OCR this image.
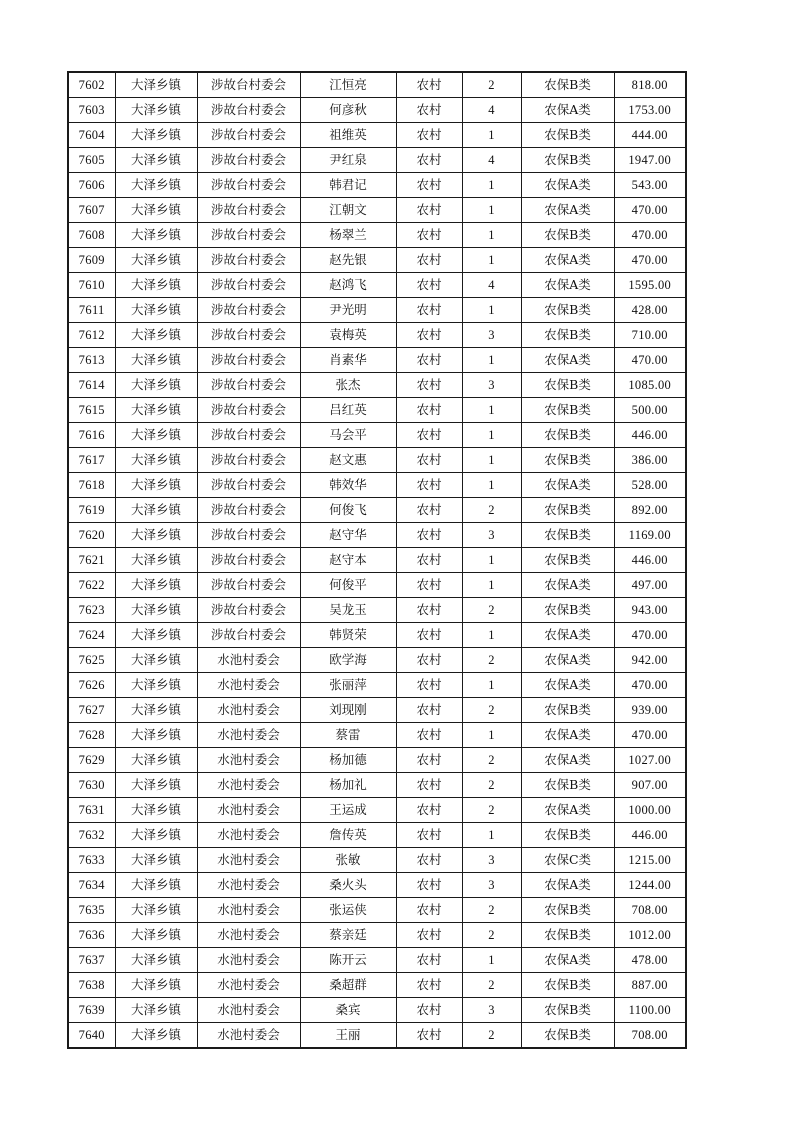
7602	大泽乡镇	涉故台村委会	江恒亮	农村	2	农保B类	818.00
7603	大泽乡镇	涉故台村委会	何彦秋	农村	4	农保A类	1753.00
7604	大泽乡镇	涉故台村委会	祖维英	农村	1	农保B类	444.00
7605	大泽乡镇	涉故台村委会	尹红泉	农村	4	农保B类	1947.00
7606	大泽乡镇	涉故台村委会	韩君记	农村	1	农保A类	543.00
7607	大泽乡镇	涉故台村委会	江朝文	农村	1	农保A类	470.00
7608	大泽乡镇	涉故台村委会	杨翠兰	农村	1	农保B类	470.00
7609	大泽乡镇	涉故台村委会	赵先银	农村	1	农保A类	470.00
7610	大泽乡镇	涉故台村委会	赵鸿飞	农村	4	农保A类	1595.00
7611	大泽乡镇	涉故台村委会	尹光明	农村	1	农保B类	428.00
7612	大泽乡镇	涉故台村委会	袁梅英	农村	3	农保B类	710.00
7613	大泽乡镇	涉故台村委会	肖素华	农村	1	农保A类	470.00
7614	大泽乡镇	涉故台村委会	张杰	农村	3	农保B类	1085.00
7615	大泽乡镇	涉故台村委会	吕红英	农村	1	农保B类	500.00
7616	大泽乡镇	涉故台村委会	马会平	农村	1	农保B类	446.00
7617	大泽乡镇	涉故台村委会	赵文惠	农村	1	农保B类	386.00
7618	大泽乡镇	涉故台村委会	韩效华	农村	1	农保A类	528.00
7619	大泽乡镇	涉故台村委会	何俊飞	农村	2	农保B类	892.00
7620	大泽乡镇	涉故台村委会	赵守华	农村	3	农保B类	1169.00
7621	大泽乡镇	涉故台村委会	赵守本	农村	1	农保B类	446.00
7622	大泽乡镇	涉故台村委会	何俊平	农村	1	农保A类	497.00
7623	大泽乡镇	涉故台村委会	吴龙玉	农村	2	农保B类	943.00
7624	大泽乡镇	涉故台村委会	韩贤荣	农村	1	农保A类	470.00
7625	大泽乡镇	水池村委会	欧学海	农村	2	农保A类	942.00
7626	大泽乡镇	水池村委会	张丽萍	农村	1	农保A类	470.00
7627	大泽乡镇	水池村委会	刘现刚	农村	2	农保B类	939.00
7628	大泽乡镇	水池村委会	蔡雷	农村	1	农保A类	470.00
7629	大泽乡镇	水池村委会	杨加德	农村	2	农保A类	1027.00
7630	大泽乡镇	水池村委会	杨加礼	农村	2	农保B类	907.00
7631	大泽乡镇	水池村委会	王运成	农村	2	农保A类	1000.00
7632	大泽乡镇	水池村委会	詹传英	农村	1	农保B类	446.00
7633	大泽乡镇	水池村委会	张敏	农村	3	农保C类	1215.00
7634	大泽乡镇	水池村委会	桑火头	农村	3	农保A类	1244.00
7635	大泽乡镇	水池村委会	张运侠	农村	2	农保B类	708.00
7636	大泽乡镇	水池村委会	蔡亲廷	农村	2	农保B类	1012.00
7637	大泽乡镇	水池村委会	陈开云	农村	1	农保A类	478.00
7638	大泽乡镇	水池村委会	桑超群	农村	2	农保B类	887.00
7639	大泽乡镇	水池村委会	桑宾	农村	3	农保B类	1100.00
7640	大泽乡镇	水池村委会	王丽	农村	2	农保B类	708.00
